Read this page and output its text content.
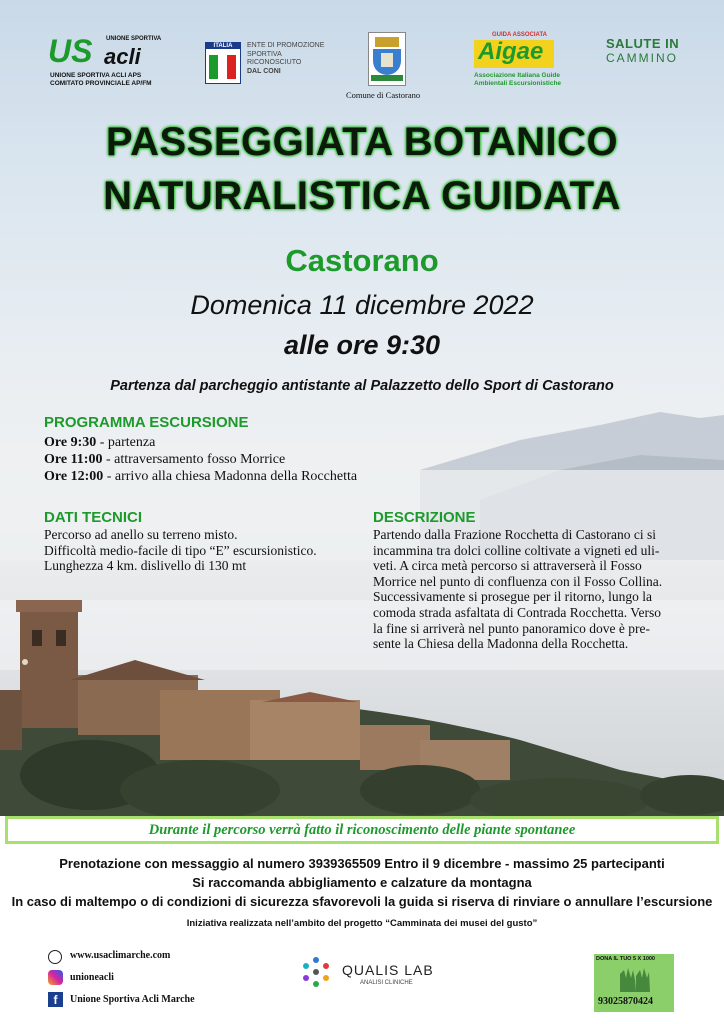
US acli
UNIONE SPORTIVA
UNIONE SPORTIVA ACLI APS
COMITATO PROVINCIALE AP/FM
ITALIA	ENTE DI PROMOZIONE
SPORTIVA
RICONOSCIUTO
DAL CONI
Comune di Castorano
GUIDA ASSOCIATA
Aigae
Associazione Italiana Guide
Ambientali Escursionistiche
SALUTE IN
CAMMINO
PASSEGGIATA BOTANICO
NATURALISTICA GUIDATA
Castorano
Domenica 11 dicembre 2022
alle ore 9:30
Partenza dal parcheggio antistante al Palazzetto dello Sport di Castorano
PROGRAMMA ESCURSIONE
Ore 9:30 - partenza
Ore 11:00 - attraversamento fosso Morrice
Ore 12:00 - arrivo alla chiesa Madonna della Rocchetta
DATI TECNICI
Percorso ad anello su terreno misto.
Difficoltà medio-facile di tipo “E” escursionistico.
Lunghezza 4 km. dislivello di 130 mt
DESCRIZIONE
Partendo dalla Frazione Rocchetta di Castorano ci si
incammina tra dolci colline coltivate a vigneti ed uli-
veti. A circa metà percorso si attraverserà il Fosso
Morrice nel punto di confluenza con il Fosso Collina.
Successivamente si prosegue per il ritorno, lungo la
comoda strada asfaltata di Contrada Rocchetta. Verso
la fine si arriverà nel punto panoramico dove è pre-
sente la Chiesa della Madonna della Rocchetta.
Durante il percorso verrà fatto il riconoscimento delle piante spontanee
Prenotazione con messaggio al numero 3939365509 Entro il 9 dicembre - massimo 25 partecipanti
Si raccomanda abbigliamento e calzature da montagna
In caso di maltempo o di condizioni di sicurezza sfavorevoli la guida si riserva di rinviare o annullare l’escursione
Iniziativa realizzata nell’ambito del progetto “Camminata dei musei del gusto”
www.usaclimarche.com
unioneacli
f	Unione Sportiva Acli Marche
QUALIS LAB
ANALISI CLINICHE
DONA IL TUO 5 X 1000
93025870424
